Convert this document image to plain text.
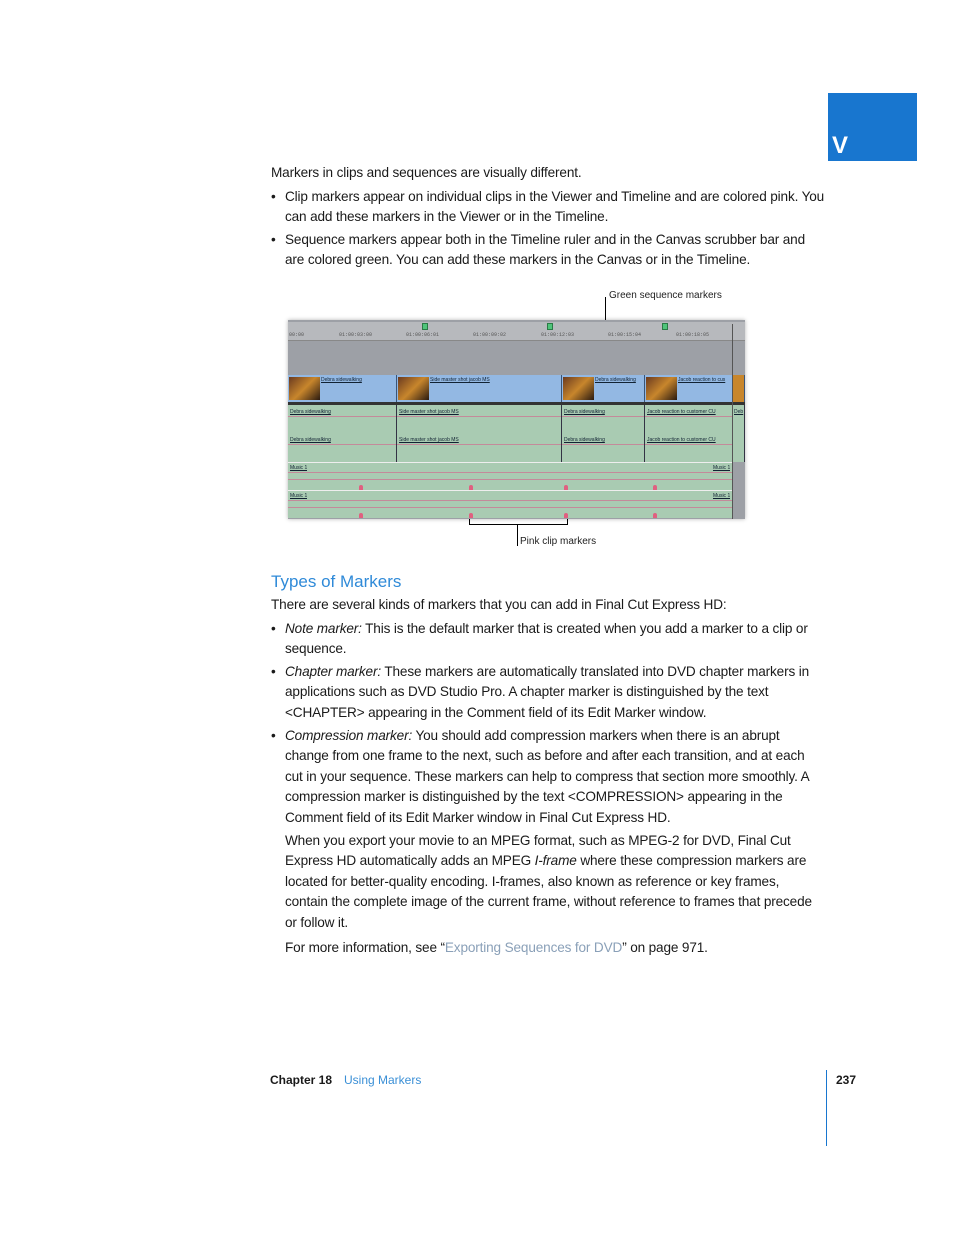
V
Markers in clips and sequences are visually different.
• Clip markers appear on individual clips in the Viewer and Timeline and are colored pink. You can add these markers in the Viewer or in the Timeline.
• Sequence markers appear both in the Timeline ruler and in the Canvas scrubber bar and are colored green. You can add these markers in the Canvas or in the Timeline.
Green sequence markers
Pink clip markers
00:00	01:00:03:00	01:00:06:01	01:00:09:02	01:00:12:03	01:00:15:04	01:00:18:05
Debra sidewalking	Side master shot jacob MS	Debra sidewalking	Jacob reaction to cus
Debra sidewalking
Debra sidewalking
Side master shot jacob MS
Side master shot jacob MS
Debra sidewalking
Debra sidewalking
Jacob reaction to customer CU
Jacob reaction to customer CU
Deb
Music 1	Music 1
Music 1	Music 1
Types of Markers
There are several kinds of markers that you can add in Final Cut Express HD:
• Note marker: This is the default marker that is created when you add a marker to a clip or sequence.
• Chapter marker: These markers are automatically translated into DVD chapter markers in applications such as DVD Studio Pro. A chapter marker is distinguished by the text <CHAPTER> appearing in the Comment field of its Edit Marker window.
• Compression marker: You should add compression markers when there is an abrupt change from one frame to the next, such as before and after each transition, and at each cut in your sequence. These markers can help to compress that section more smoothly. A compression marker is distinguished by the text <COMPRESSION> appearing in the Comment field of its Edit Marker window in Final Cut Express HD.
When you export your movie to an MPEG format, such as MPEG-2 for DVD, Final Cut Express HD automatically adds an MPEG I-frame where these compression markers are located for better-quality encoding. I-frames, also known as reference or key frames, contain the complete image of the current frame, without reference to frames that precede or follow it.
For more information, see “Exporting Sequences for DVD” on page 971.
Chapter 18 Using Markers	237
